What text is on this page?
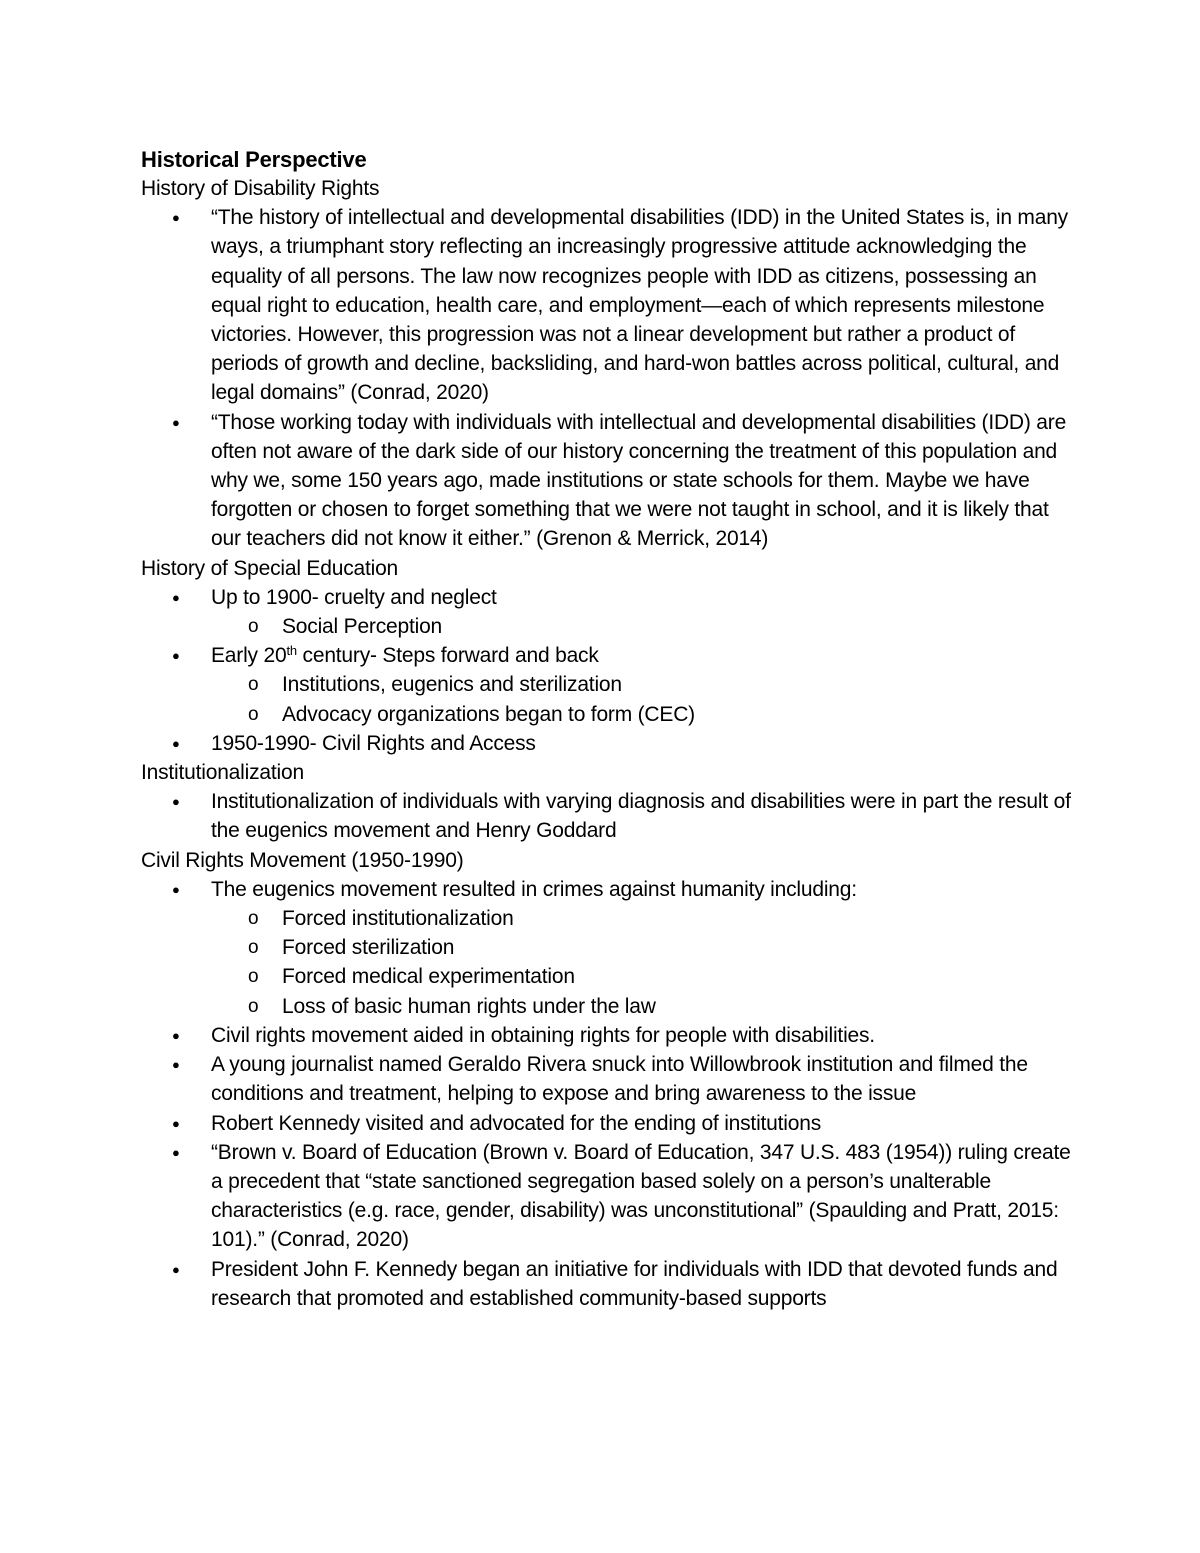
Historical Perspective

History of Disability Rights

● “The history of intellectual and developmental disabilities (IDD) in the United States is, in many ways, a triumphant story reflecting an increasingly progressive attitude acknowledging the equality of all persons. The law now recognizes people with IDD as citizens, possessing an equal right to education, health care, and employment—each of which represents milestone victories. However, this progression was not a linear development but rather a product of periods of growth and decline, backsliding, and hard-won battles across political, cultural, and legal domains” (Conrad, 2020)
● “Those working today with individuals with intellectual and developmental disabilities (IDD) are often not aware of the dark side of our history concerning the treatment of this population and why we, some 150 years ago, made institutions or state schools for them. Maybe we have forgotten or chosen to forget something that we were not taught in school, and it is likely that our teachers did not know it either.” (Grenon & Merrick, 2014)

History of Special Education

● Up to 1900- cruelty and neglect
o Social Perception
● Early 20th century- Steps forward and back
o Institutions, eugenics and sterilization
o Advocacy organizations began to form (CEC)
● 1950-1990- Civil Rights and Access

Institutionalization

● Institutionalization of individuals with varying diagnosis and disabilities were in part the result of the eugenics movement and Henry Goddard

Civil Rights Movement (1950-1990)

● The eugenics movement resulted in crimes against humanity including:
o Forced institutionalization
o Forced sterilization
o Forced medical experimentation
o Loss of basic human rights under the law
● Civil rights movement aided in obtaining rights for people with disabilities.
● A young journalist named Geraldo Rivera snuck into Willowbrook institution and filmed the conditions and treatment, helping to expose and bring awareness to the issue
● Robert Kennedy visited and advocated for the ending of institutions
● “Brown v. Board of Education (Brown v. Board of Education, 347 U.S. 483 (1954)) ruling create a precedent that “state sanctioned segregation based solely on a person’s unalterable characteristics (e.g. race, gender, disability) was unconstitutional” (Spaulding and Pratt, 2015: 101).” (Conrad, 2020)
● President John F. Kennedy began an initiative for individuals with IDD that devoted funds and research that promoted and established community-based supports
